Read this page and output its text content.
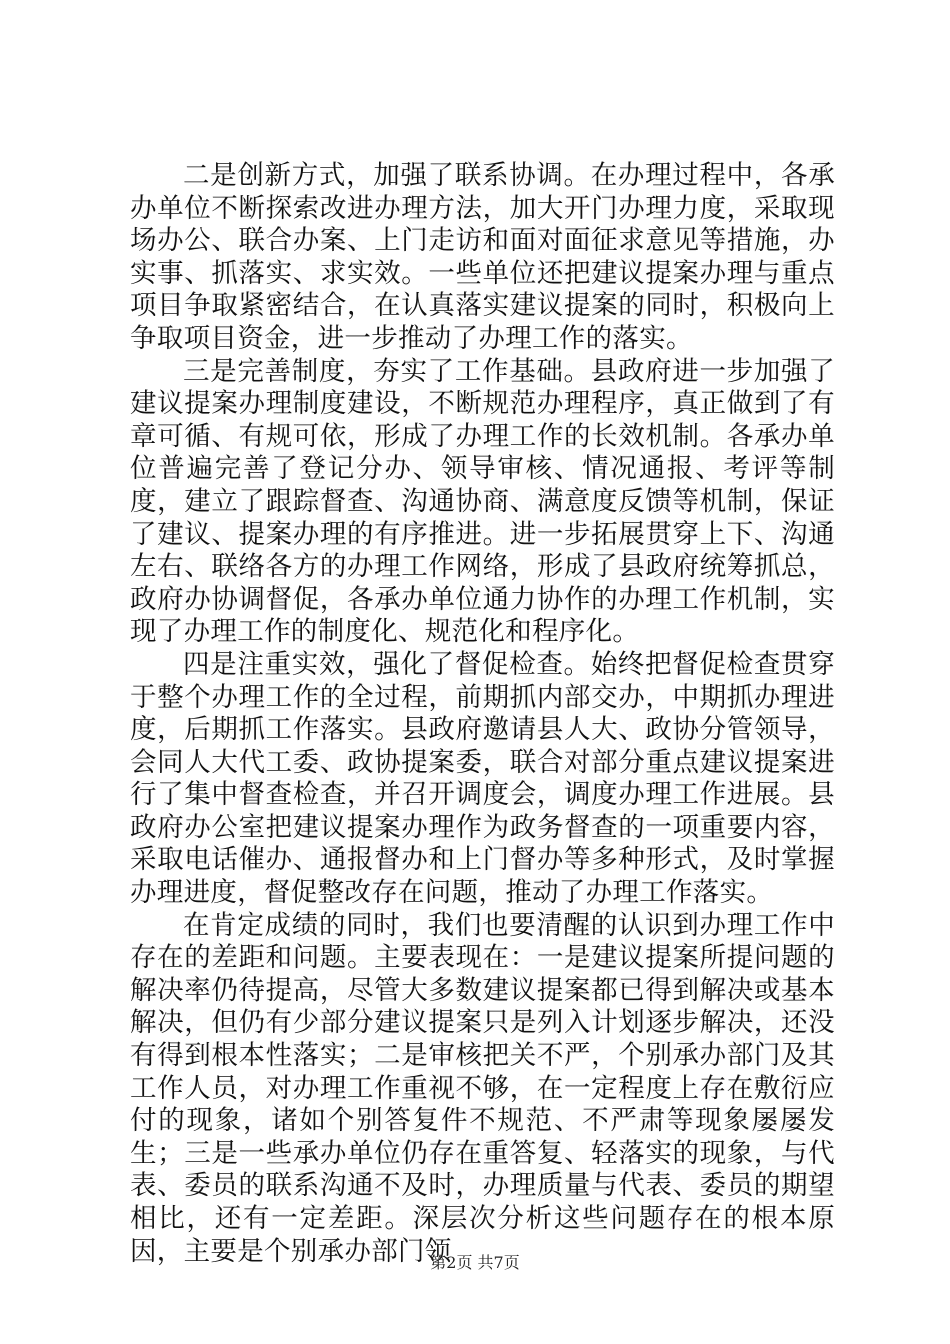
二是创新方式，加强了联系协调。在办理过程中，各承办单位不断探索改进办理方法，加大开门办理力度，采取现场办公、联合办案、上门走访和面对面征求意见等措施，办实事、抓落实、求实效。一些单位还把建议提案办理与重点项目争取紧密结合，在认真落实建议提案的同时，积极向上争取项目资金，进一步推动了办理工作的落实。

三是完善制度，夯实了工作基础。县政府进一步加强了建议提案办理制度建设，不断规范办理程序，真正做到了有章可循、有规可依，形成了办理工作的长效机制。各承办单位普遍完善了登记分办、领导审核、情况通报、考评等制度，建立了跟踪督查、沟通协商、满意度反馈等机制，保证了建议、提案办理的有序推进。进一步拓展贯穿上下、沟通左右、联络各方的办理工作网络，形成了县政府统筹抓总，政府办协调督促，各承办单位通力协作的办理工作机制，实现了办理工作的制度化、规范化和程序化。

四是注重实效，强化了督促检查。始终把督促检查贯穿于整个办理工作的全过程，前期抓内部交办，中期抓办理进度，后期抓工作落实。县政府邀请县人大、政协分管领导，会同人大代工委、政协提案委，联合对部分重点建议提案进行了集中督查检查，并召开调度会，调度办理工作进展。县政府办公室把建议提案办理作为政务督查的一项重要内容，采取电话催办、通报督办和上门督办等多种形式，及时掌握办理进度，督促整改存在问题，推动了办理工作落实。

在肯定成绩的同时，我们也要清醒的认识到办理工作中存在的差距和问题。主要表现在：一是建议提案所提问题的解决率仍待提高，尽管大多数建议提案都已得到解决或基本解决，但仍有少部分建议提案只是列入计划逐步解决，还没有得到根本性落实；二是审核把关不严，个别承办部门及其工作人员，对办理工作重视不够，在一定程度上存在敷衍应付的现象，诸如个别答复件不规范、不严肃等现象屡屡发生；三是一些承办单位仍存在重答复、轻落实的现象，与代表、委员的联系沟通不及时，办理质量与代表、委员的期望相比，还有一定差距。深层次分析这些问题存在的根本原因，主要是个别承办部门领

第2页 共7页
